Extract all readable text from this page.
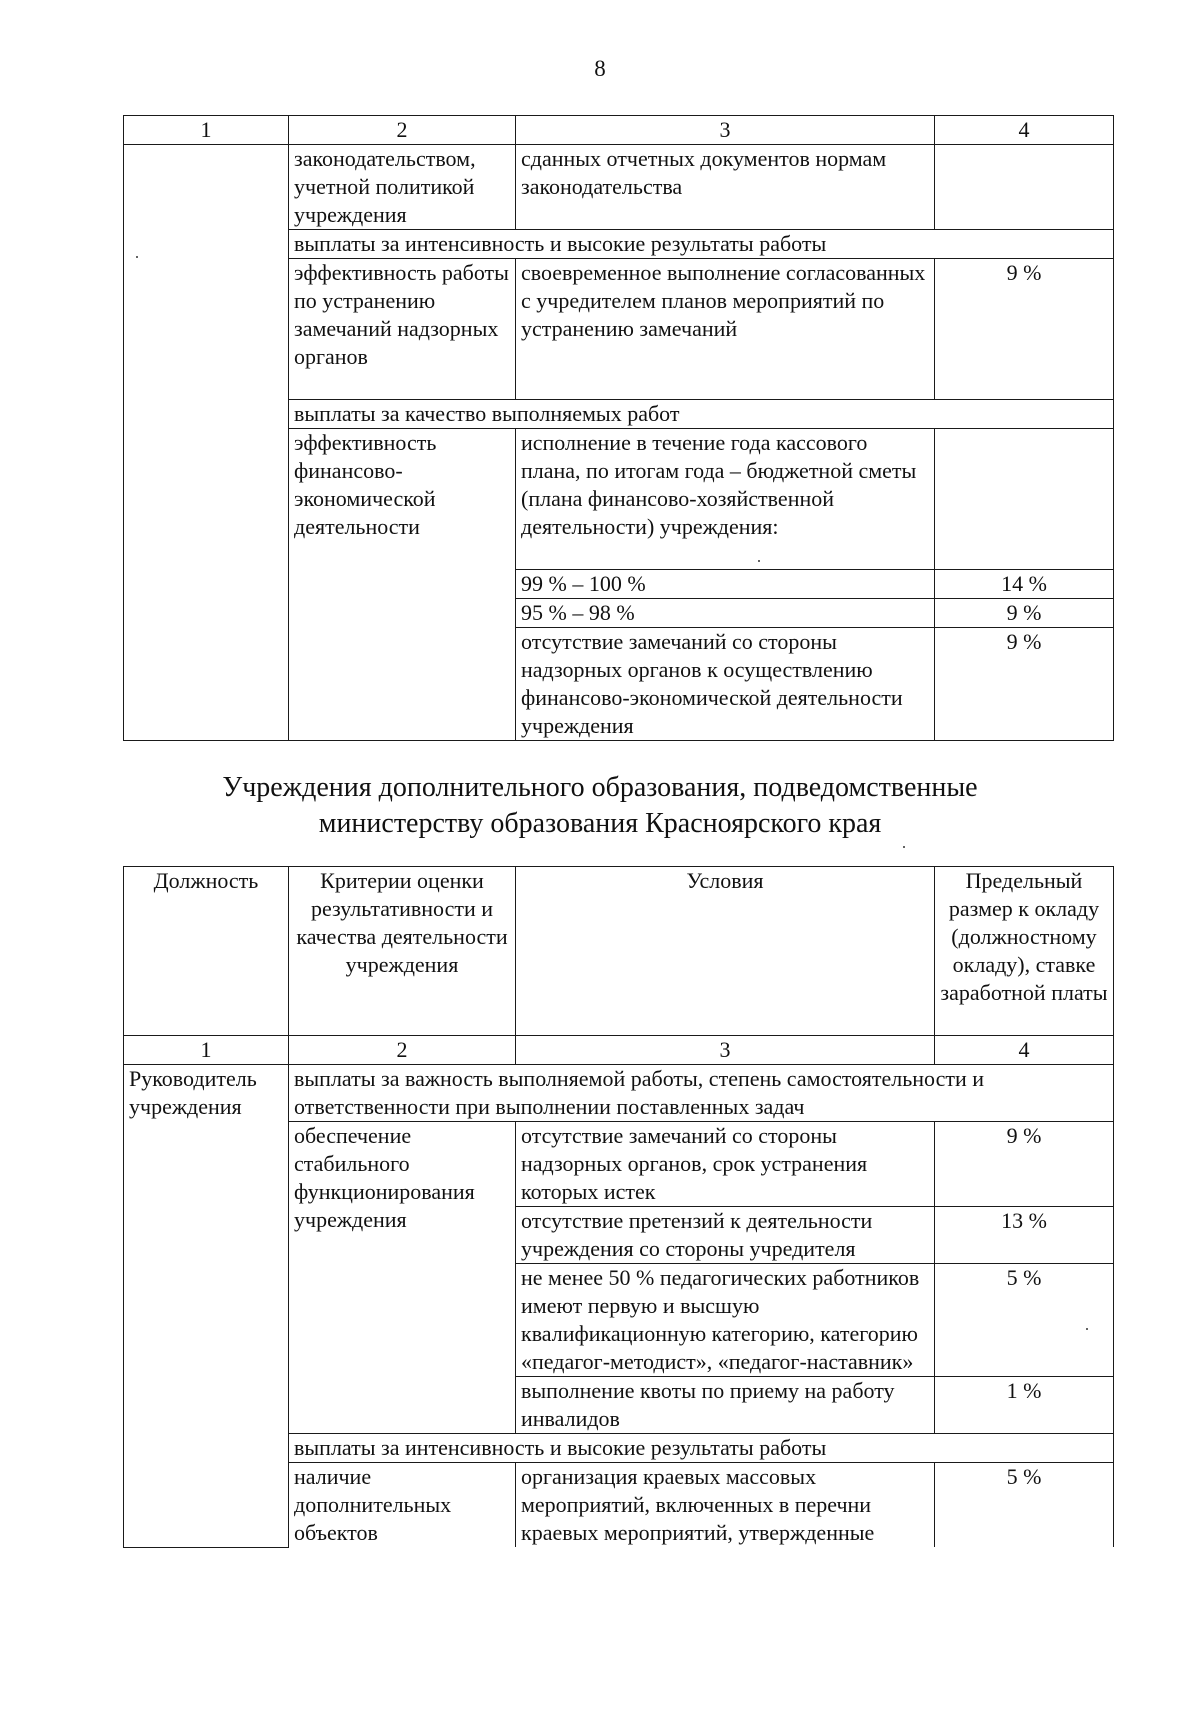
8
1	2	3	4
	законодательством, учетной политикой учреждения	сданных отчетных документов нормам законодательства	
	выплаты за интенсивность и высокие результаты работы		
	эффективность работы по устранению замечаний надзорных органов	своевременное выполнение согласованных с учредителем планов мероприятий по устранению замечаний	9 %
	выплаты за качество выполняемых работ		
	эффективность финансово-экономической деятельности	исполнение в течение года кассового плана, по итогам года – бюджетной сметы (плана финансово-хозяйственной деятельности) учреждения:	
		99 % – 100 %	14 %
		95 % – 98 %	9 %
		отсутствие замечаний со стороны надзорных органов к осуществлению финансово-экономической деятельности учреждения	9 %
Учреждения дополнительного образования, подведомственные
министерству образования Красноярского края
Должность	Критерии оценки результативности и качества деятельности учреждения	Условия	Предельный размер к окладу (должностному окладу), ставке заработной платы
1	2	3	4
Руководитель учреждения	выплаты за важность выполняемой работы, степень самостоятельности и ответственности при выполнении поставленных задач		
	обеспечение стабильного функционирования учреждения	отсутствие замечаний со стороны надзорных органов, срок устранения которых истек	9 %
		отсутствие претензий к деятельности учреждения со стороны учредителя	13 %
		не менее 50 % педагогических работников имеют первую и высшую квалификационную категорию, категорию «педагог-методист», «педагог-наставник»	5 %
		выполнение квоты по приему на работу инвалидов	1 %
	выплаты за интенсивность и высокие результаты работы		
	наличие дополнительных объектов	организация краевых массовых мероприятий, включенных в перечни краевых мероприятий, утвержденные	5 %
